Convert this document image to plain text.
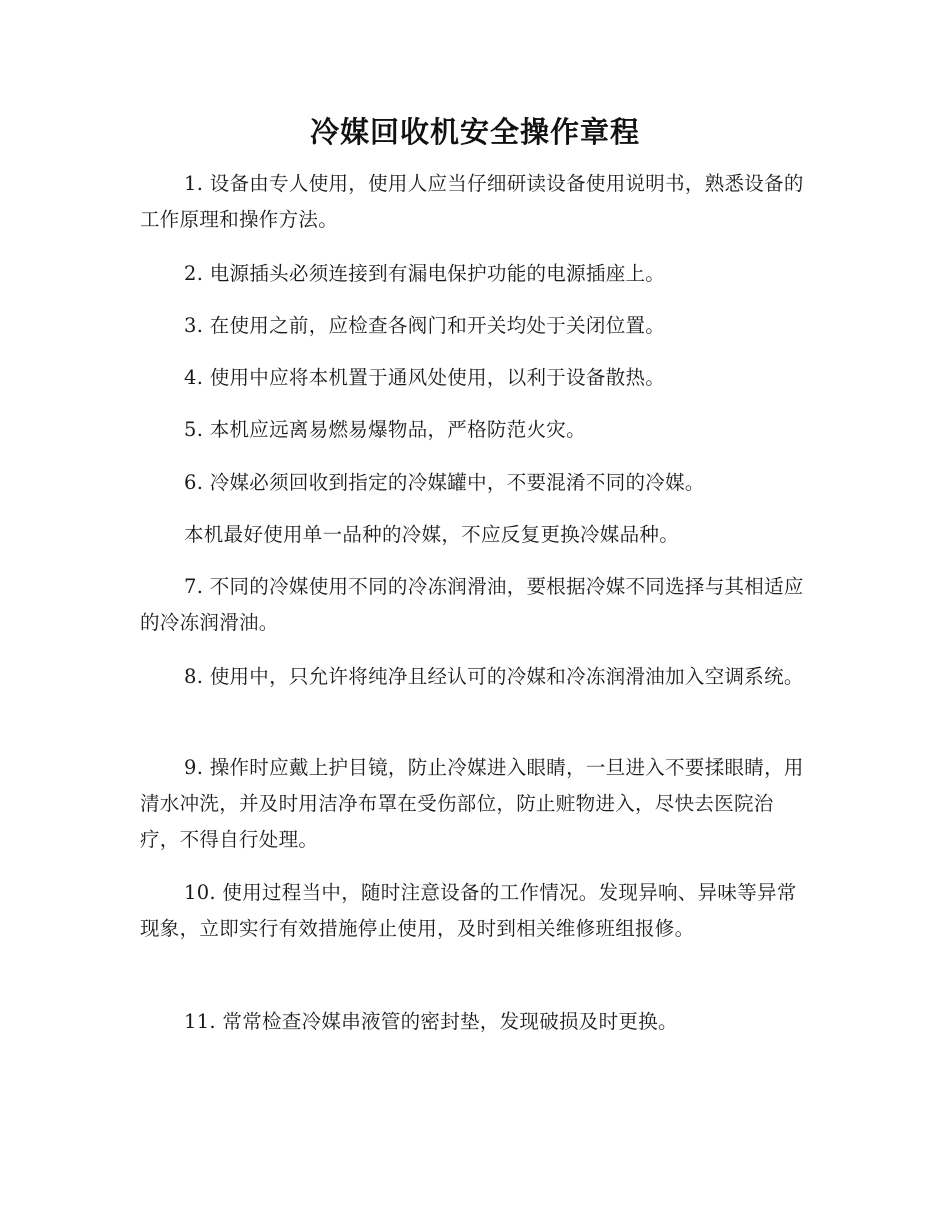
冷媒回收机安全操作章程
1. 设备由专人使用，使用人应当仔细研读设备使用说明书，熟悉设备的工作原理和操作方法。
2. 电源插头必须连接到有漏电保护功能的电源插座上。
3. 在使用之前，应检查各阀门和开关均处于关闭位置。
4. 使用中应将本机置于通风处使用，以利于设备散热。
5. 本机应远离易燃易爆物品，严格防范火灾。
6. 冷媒必须回收到指定的冷媒罐中，不要混淆不同的冷媒。
本机最好使用单一品种的冷媒，不应反复更换冷媒品种。
7. 不同的冷媒使用不同的冷冻润滑油，要根据冷媒不同选择与其相适应的冷冻润滑油。
8. 使用中，只允许将纯净且经认可的冷媒和冷冻润滑油加入空调系统。
9. 操作时应戴上护目镜，防止冷媒进入眼睛，一旦进入不要揉眼睛，用清水冲洗，并及时用洁净布罩在受伤部位，防止赃物进入，尽快去医院治疗，不得自行处理。
10. 使用过程当中，随时注意设备的工作情况。发现异响、异味等异常现象，立即实行有效措施停止使用，及时到相关维修班组报修。
11. 常常检查冷媒串液管的密封垫，发现破损及时更换。
